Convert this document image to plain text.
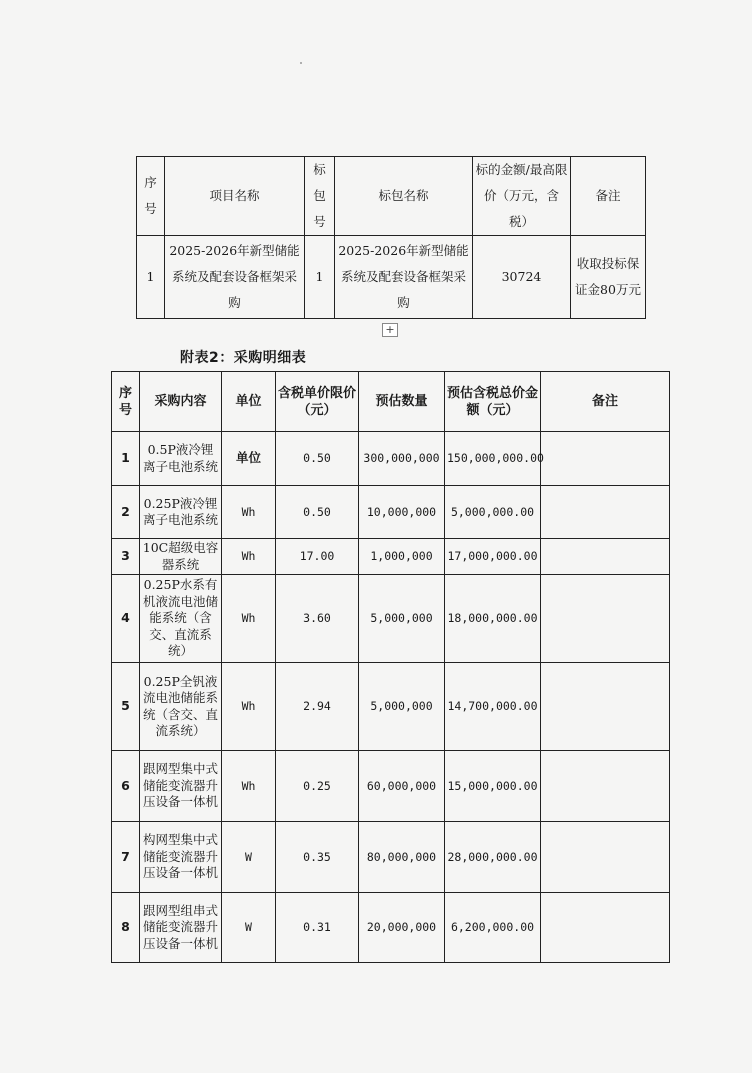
序
号	项目名称	标
包
号	标包名称	标的金额/最高限价（万元，含税）	备注
1	2025-2026年新型储能系统及配套设备框架采购	1	2025-2026年新型储能系统及配套设备框架采购	30724	收取投标保证金80万元
+
附表2：采购明细表
序号	采购内容	单位	含税单价限价（元）	预估数量	预估含税总价金额（元）	备注
1	0.5P液冷锂离子电池系统	单位	0.50	300,000,000	150,000,000.00	
2	0.25P液冷锂离子电池系统	Wh	0.50	10,000,000	5,000,000.00	
3	10C超级电容器系统	Wh	17.00	1,000,000	17,000,000.00	
4	0.25P水系有机液流电池储能系统（含交、直流系统）	Wh	3.60	5,000,000	18,000,000.00	
5	0.25P全钒液流电池储能系统（含交、直流系统）	Wh	2.94	5,000,000	14,700,000.00	
6	跟网型集中式储能变流器升压设备一体机	Wh	0.25	60,000,000	15,000,000.00	
7	构网型集中式储能变流器升压设备一体机	W	0.35	80,000,000	28,000,000.00	
8	跟网型组串式储能变流器升压设备一体机	W	0.31	20,000,000	6,200,000.00	
